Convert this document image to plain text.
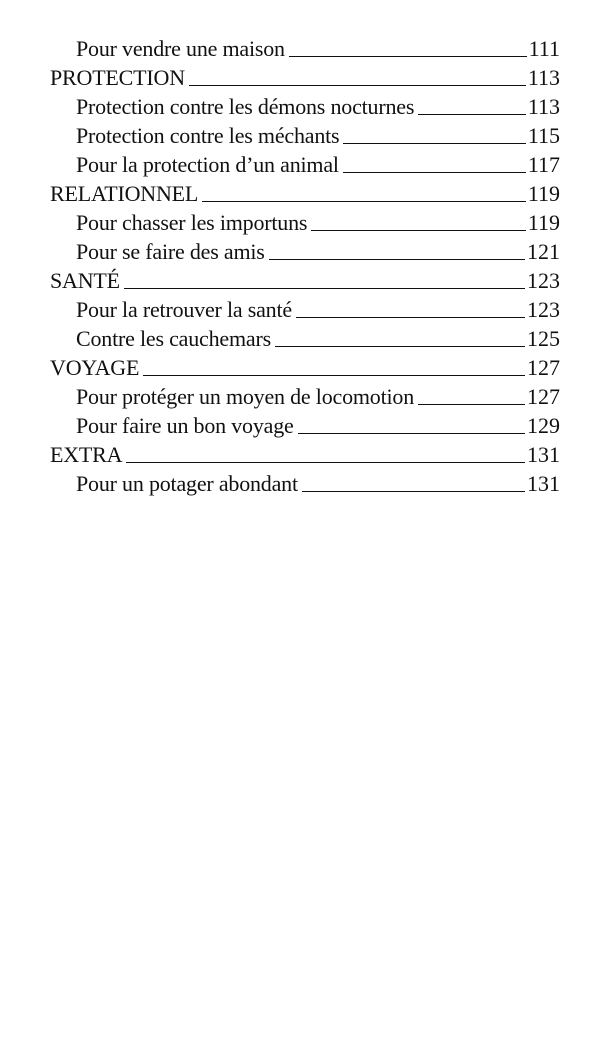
Pour vendre une maison	111
PROTECTION	113
Protection contre les démons nocturnes	113
Protection contre les méchants	115
Pour la protection d’un animal	117
RELATIONNEL	119
Pour chasser les importuns	119
Pour se faire des amis	121
SANTÉ	123
Pour la retrouver la santé	123
Contre les cauchemars	125
VOYAGE	127
Pour protéger un moyen de locomotion	127
Pour faire un bon voyage	129
EXTRA	131
Pour un potager abondant	131
